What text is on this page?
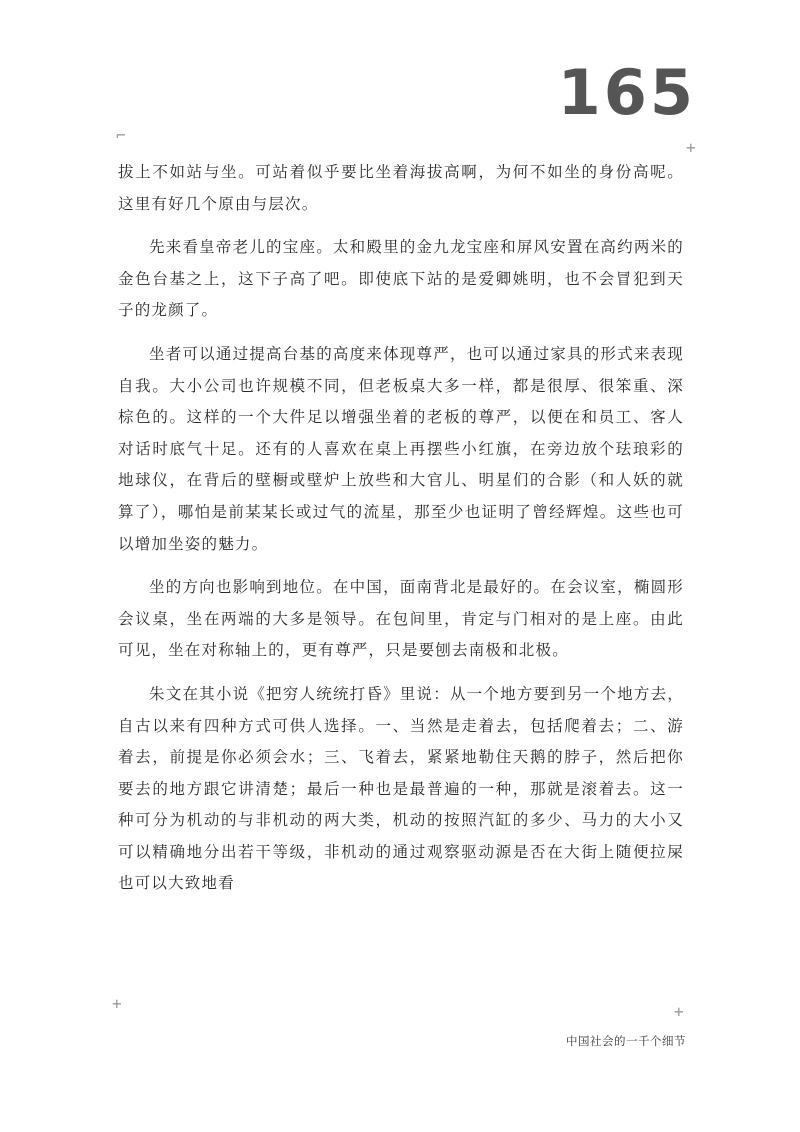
165
⌐
+
+	+

拔上不如站与坐。可站着似乎要比坐着海拔高啊，为何不如坐的身份高呢。这里有好几个原由与层次。

先来看皇帝老儿的宝座。太和殿里的金九龙宝座和屏风安置在高约两米的金色台基之上，这下子高了吧。即使底下站的是爱卿姚明，也不会冒犯到天子的龙颜了。

坐者可以通过提高台基的高度来体现尊严，也可以通过家具的形式来表现自我。大小公司也许规模不同，但老板桌大多一样，都是很厚、很笨重、深棕色的。这样的一个大件足以增强坐着的老板的尊严，以便在和员工、客人对话时底气十足。还有的人喜欢在桌上再摆些小红旗，在旁边放个珐琅彩的地球仪，在背后的壁橱或壁炉上放些和大官儿、明星们的合影（和人妖的就算了），哪怕是前某某长或过气的流星，那至少也证明了曾经辉煌。这些也可以增加坐姿的魅力。

坐的方向也影响到地位。在中国，面南背北是最好的。在会议室，椭圆形会议桌，坐在两端的大多是领导。在包间里，肯定与门相对的是上座。由此可见，坐在对称轴上的，更有尊严，只是要刨去南极和北极。

朱文在其小说《把穷人统统打昏》里说：从一个地方要到另一个地方去，自古以来有四种方式可供人选择。一、当然是走着去，包括爬着去；二、游着去，前提是你必须会水；三、飞着去，紧紧地勒住天鹅的脖子，然后把你要去的地方跟它讲清楚；最后一种也是最普遍的一种，那就是滚着去。这一种可分为机动的与非机动的两大类，机动的按照汽缸的多少、马力的大小又可以精确地分出若干等级，非机动的通过观察驱动源是否在大街上随便拉屎也可以大致地看

中国社会的一千个细节
